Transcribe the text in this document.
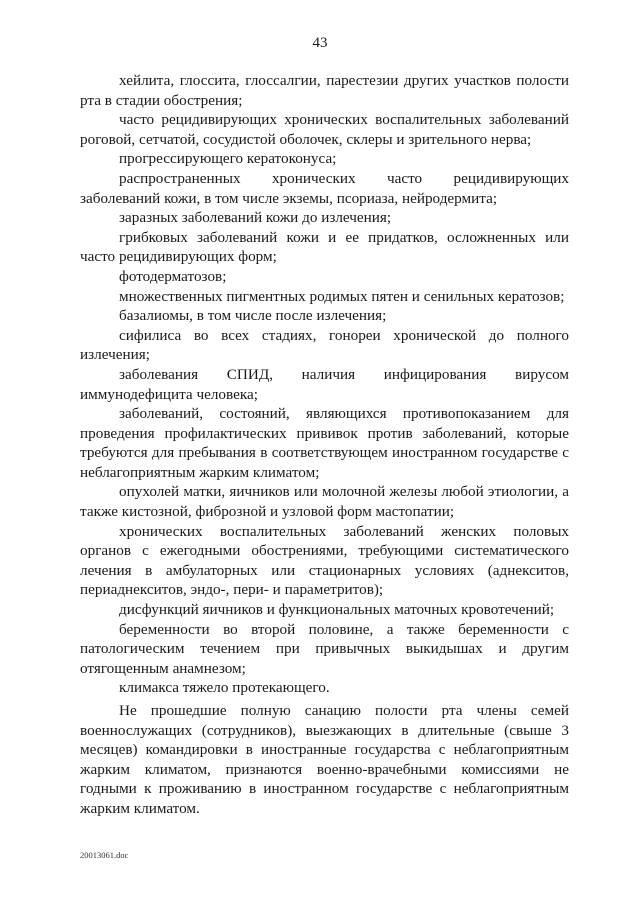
43

хейлита, глоссита, глоссалгии, парестезии других участков полости рта в стадии обострения;

часто рецидивирующих хронических воспалительных заболеваний роговой, сетчатой, сосудистой оболочек, склеры и зрительного нерва;

прогрессирующего кератоконуса;

распространенных хронических часто рецидивирующих заболеваний кожи, в том числе экземы, псориаза, нейродермита;

заразных заболеваний кожи до излечения;

грибковых заболеваний кожи и ее придатков, осложненных или часто рецидивирующих форм;

фотодерматозов;

множественных пигментных родимых пятен и сенильных кератозов;

базалиомы, в том числе после излечения;

сифилиса во всех стадиях, гонореи хронической до полного излечения;

заболевания СПИД, наличия инфицирования вирусом иммунодефицита человека;

заболеваний, состояний, являющихся противопоказанием для проведения профилактических прививок против заболеваний, которые требуются для пребывания в соответствующем иностранном государстве с неблагоприятным жарким климатом;

опухолей матки, яичников или молочной железы любой этиологии, а также кистозной, фиброзной и узловой форм мастопатии;

хронических воспалительных заболеваний женских половых органов с ежегодными обострениями, требующими систематического лечения в амбулаторных или стационарных условиях (аднекситов, периаднекситов, эндо-, пери- и параметритов);

дисфункций яичников и функциональных маточных кровотечений;

беременности во второй половине, а также беременности с патологическим течением при привычных выкидышах и другим отягощенным анамнезом;

климакса тяжело протекающего.

Не прошедшие полную санацию полости рта члены семей военнослужащих (сотрудников), выезжающих в длительные (свыше 3 месяцев) командировки в иностранные государства с неблагоприятным жарким климатом, признаются военно-врачебными комиссиями не годными к проживанию в иностранном государстве с неблагоприятным жарким климатом.

20013061.doc
